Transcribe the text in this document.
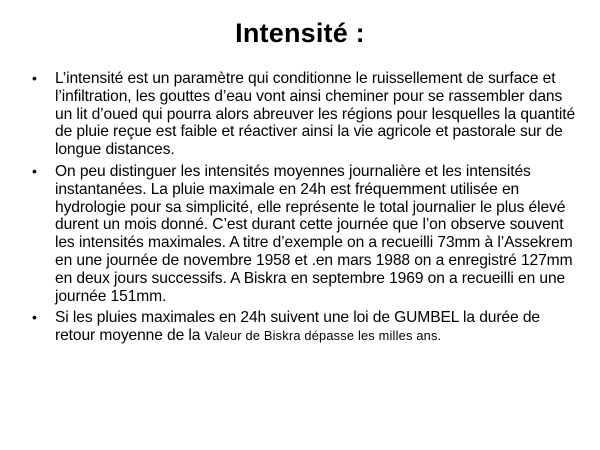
Intensité :
• L’intensité est un paramètre qui conditionne le ruissellement de surface et l’infiltration, les gouttes d’eau vont ainsi cheminer pour se rassembler dans un lit d’oued qui pourra alors abreuver les régions pour lesquelles la quantité de pluie reçue est faible et réactiver ainsi la vie agricole et pastorale sur de longue distances.
• On peu distinguer les intensités moyennes journalière et les intensités instantanées. La pluie maximale en 24h est fréquemment utilisée en hydrologie pour sa simplicité, elle représente le total journalier le plus élevé durent un mois donné. C’est durant cette journée que l’on observe souvent les intensités maximales. A titre d’exemple on a recueilli 73mm à l’Assekrem en une journée de novembre 1958 et .en mars 1988 on a enregistré 127mm en deux jours successifs. A Biskra en septembre 1969 on a recueilli en une journée 151mm.
• Si les pluies maximales en 24h suivent une loi de GUMBEL la durée de retour moyenne de la valeur de Biskra dépasse les milles ans.
